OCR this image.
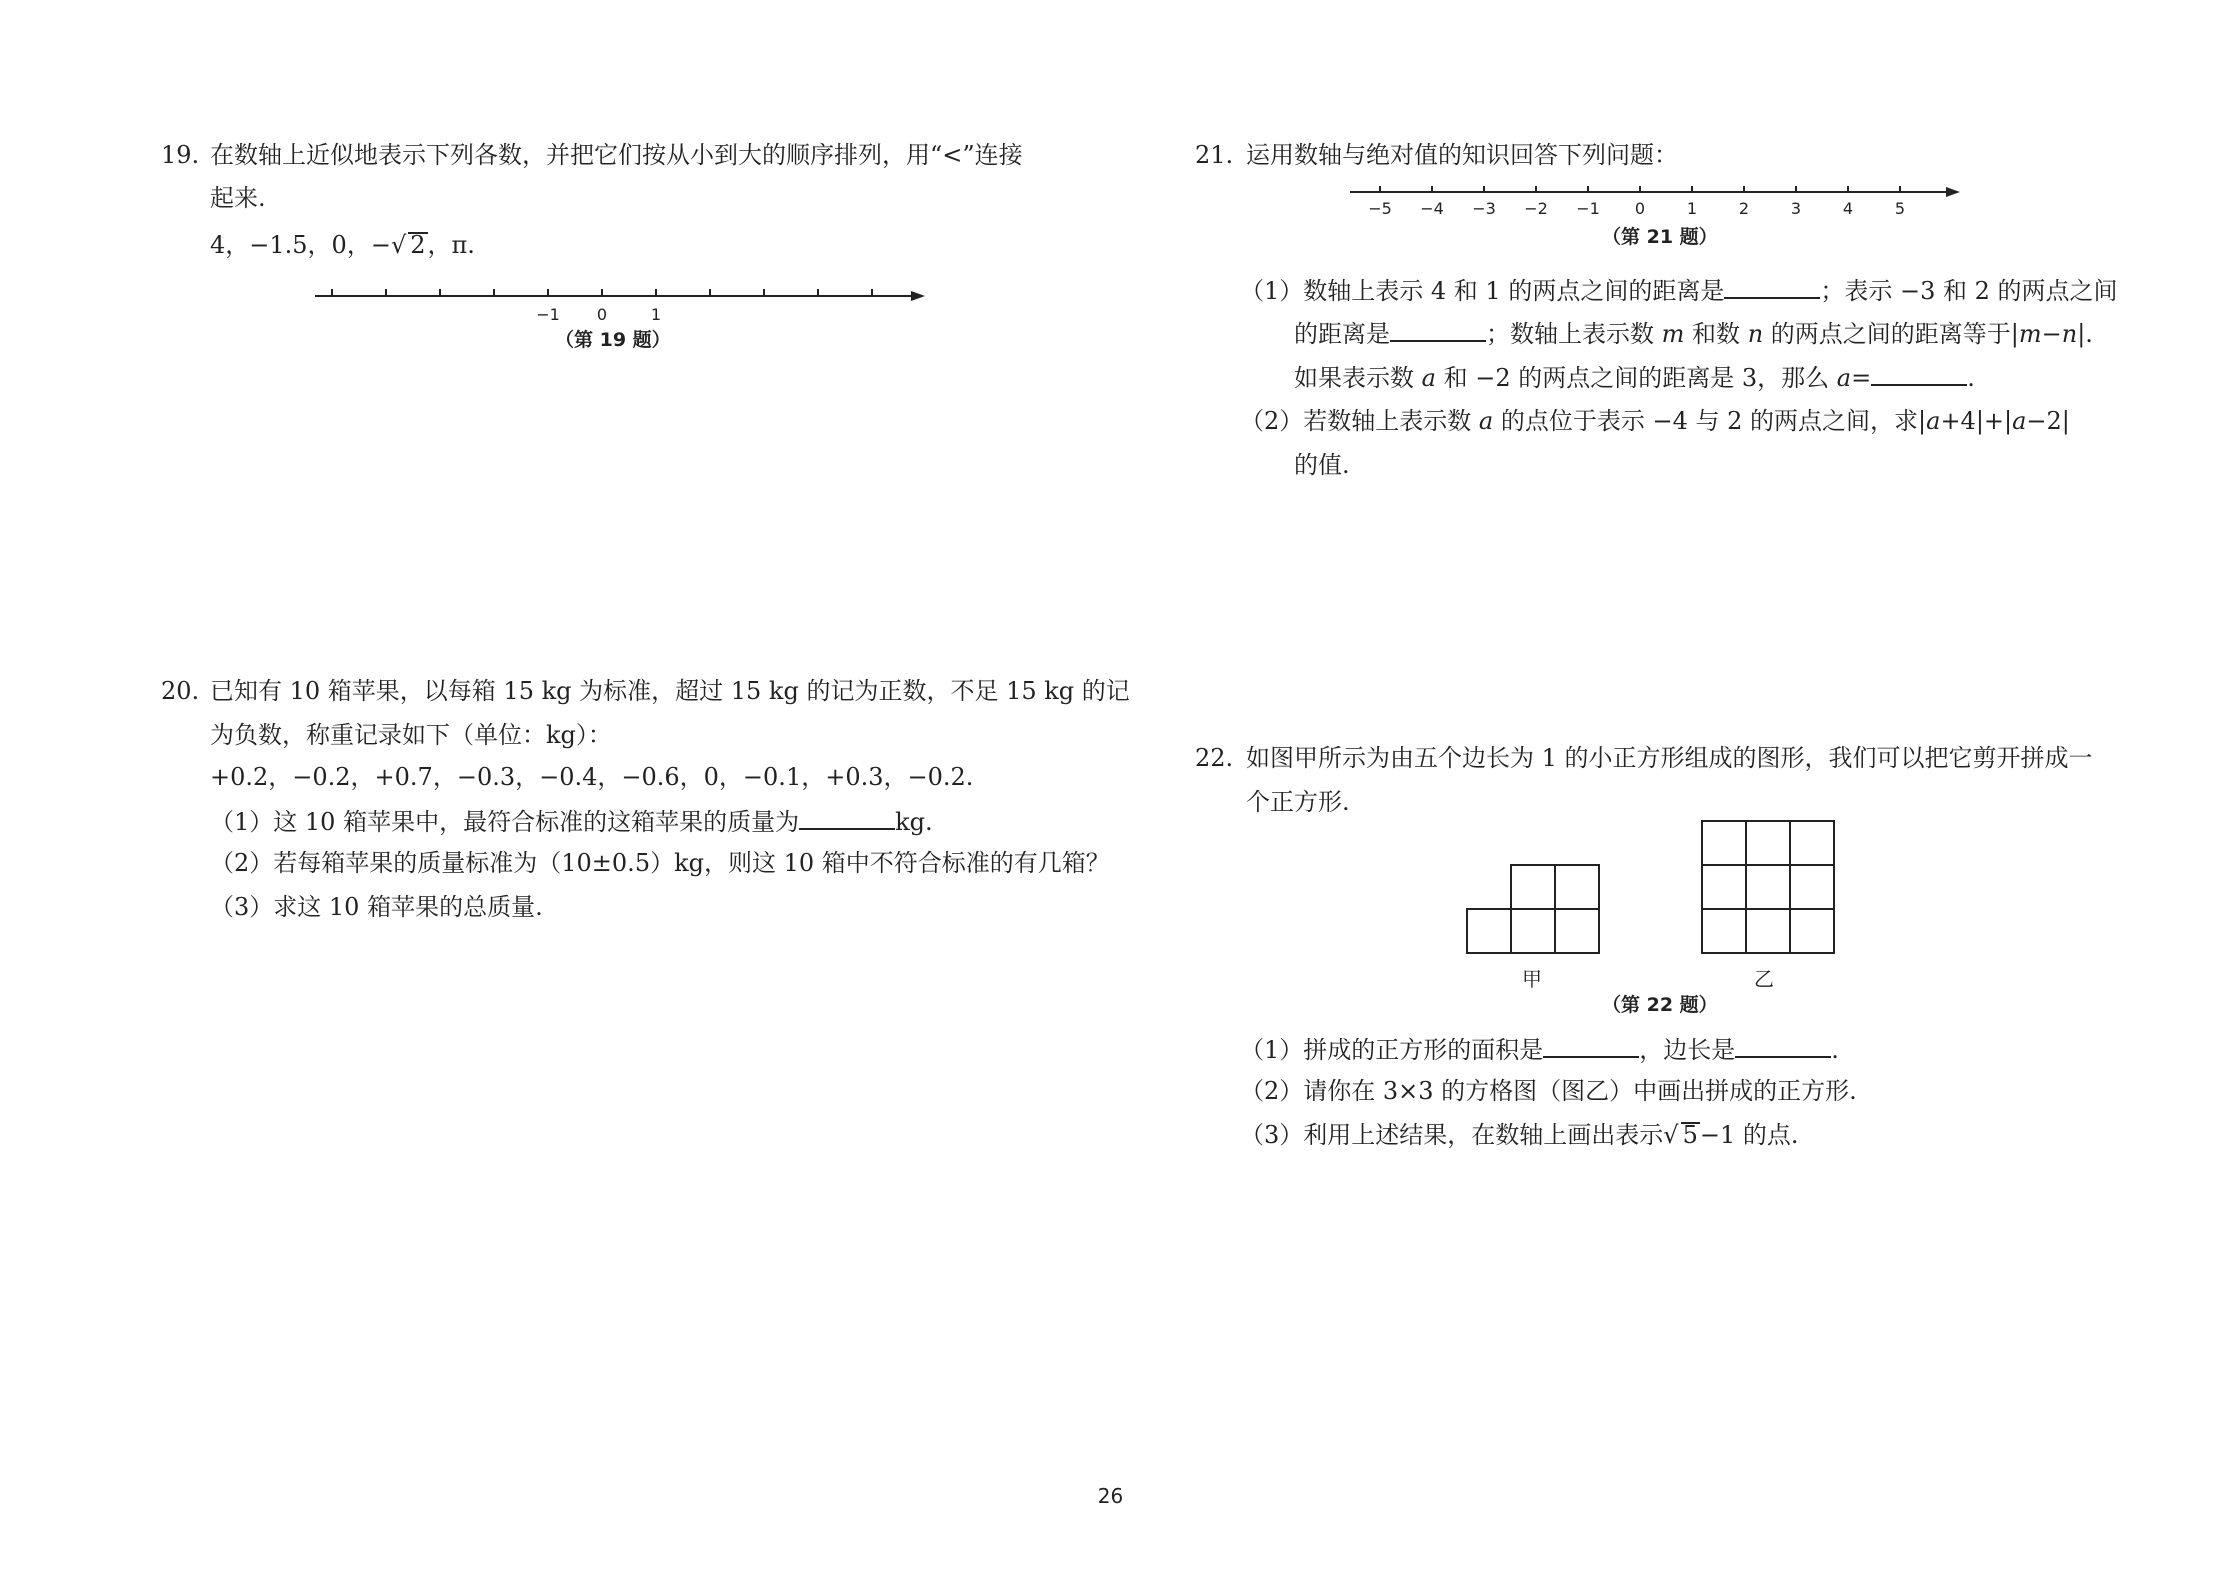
19. 在数轴上近似地表示下列各数，并把它们按从小到大的顺序排列，用“<”连接
起来.
4，−1.5，0，−√ 2，π.
−1 0	1
（第 19 题）
20. 已知有 10 箱苹果，以每箱 15 kg 为标准，超过 15 kg 的记为正数，不足 15 kg 的记
为负数，称重记录如下（单位：kg）：
+0.2，−0.2，+0.7，−0.3，−0.4，−0.6，0，−0.1，+0.3，−0.2.
（1）这 10 箱苹果中，最符合标准的这箱苹果的质量为	kg.
（2）若每箱苹果的质量标准为（10±0.5）kg，则这 10 箱中不符合标准的有几箱？
（3）求这 10 箱苹果的总质量.
21. 运用数轴与绝对值的知识回答下列问题：
−5 −4 −3 −2 −1 0	1	2	3	4	5
（第 21 题）
（1）数轴上表示 4 和 1 的两点之间的距离是	；表示 −3 和 2 的两点之间
的距离是	；数轴上表示数 m 和数 n 的两点之间的距离等于|m−n|.
如果表示数 a 和 −2 的两点之间的距离是 3，那么 a=	.
（2）若数轴上表示数 a 的点位于表示 −4 与 2 的两点之间，求|a+4|+|a−2|
的值.
22. 如图甲所示为由五个边长为 1 的小正方形组成的图形，我们可以把它剪开拼成一
个正方形.
甲	乙
（第 22 题）
（1）拼成的正方形的面积是	，边长是	.
（2）请你在 3×3 的方格图（图乙）中画出拼成的正方形.
（3）利用上述结果，在数轴上画出表示√ 5−1 的点.
26
